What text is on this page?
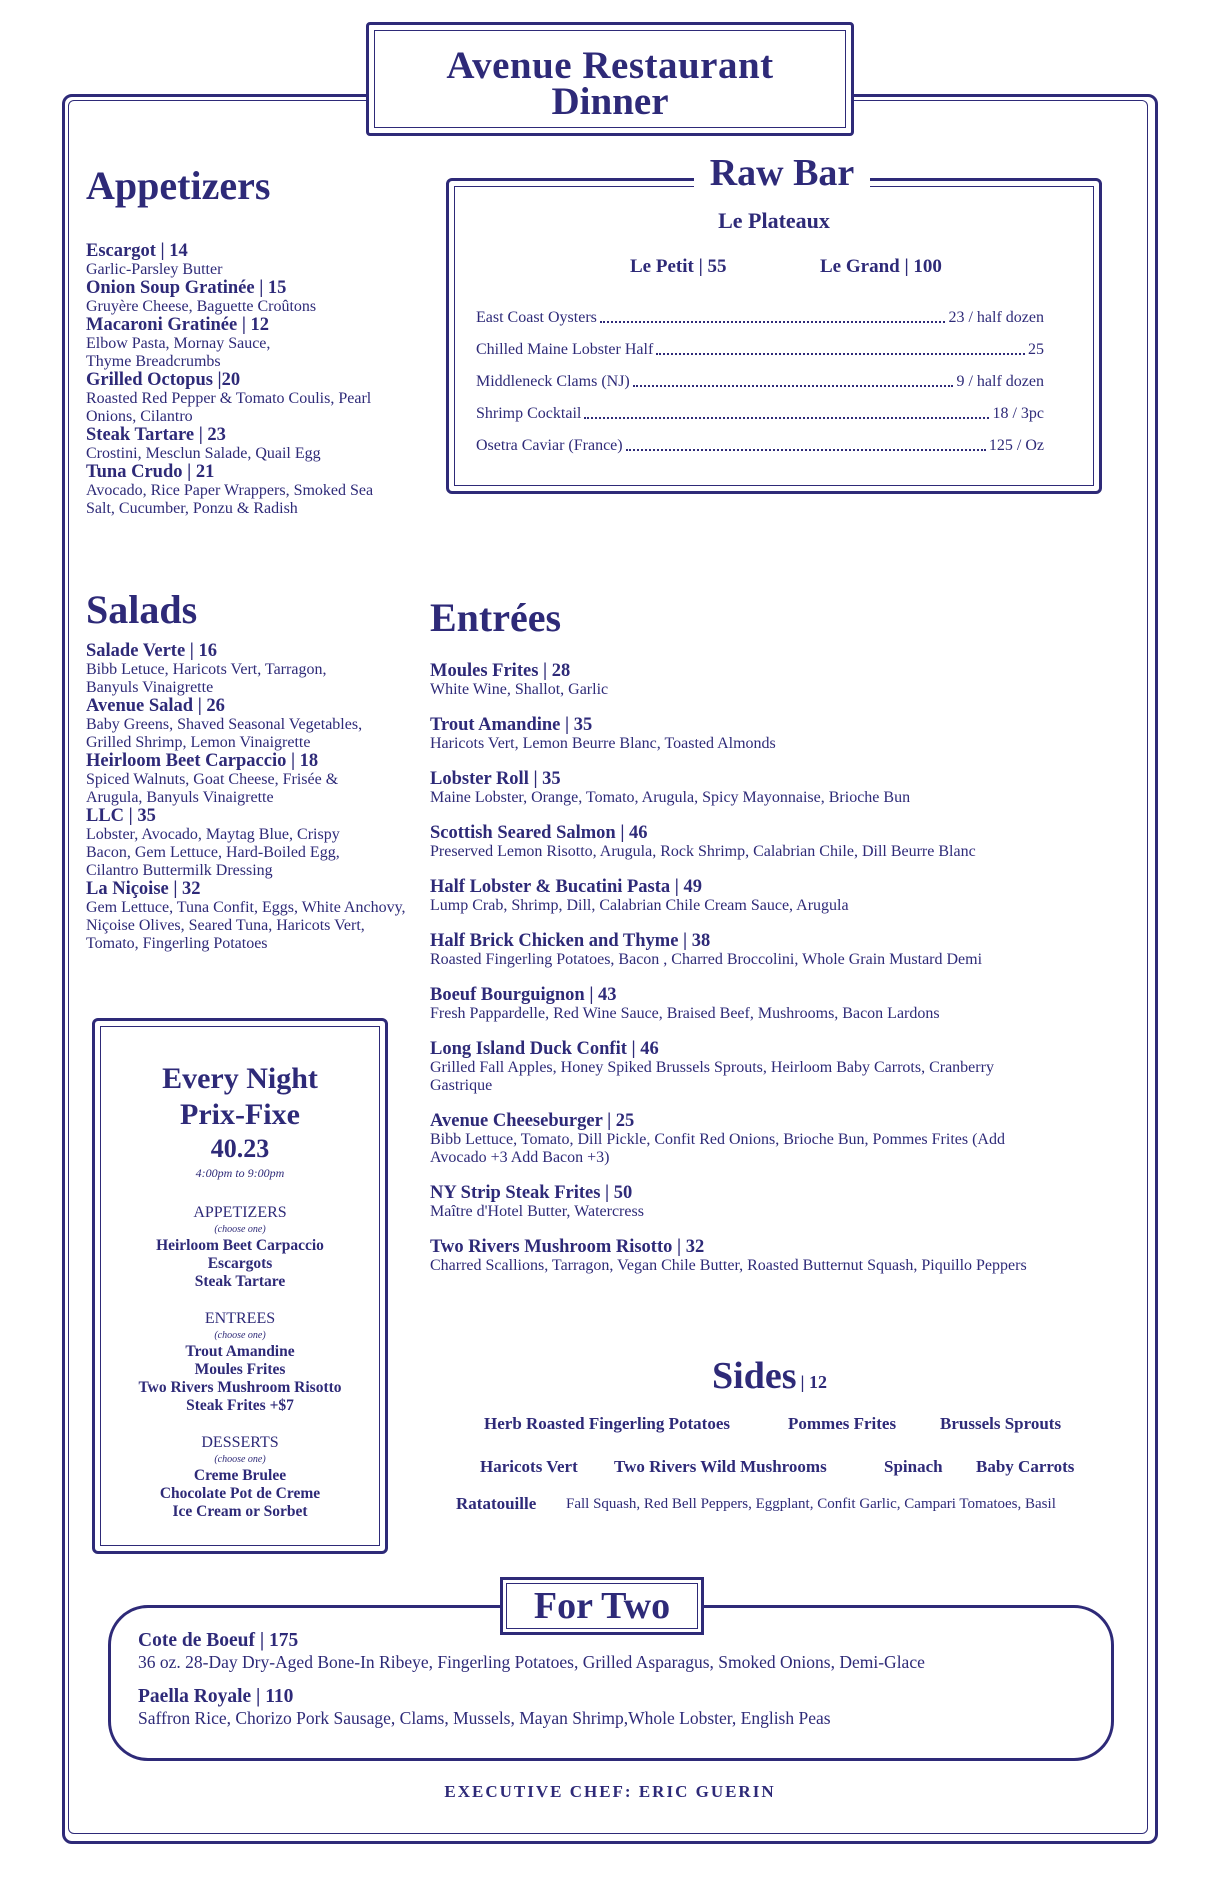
Avenue Restaurant
Dinner
Appetizers

Escargot | 14

Garlic-Parsley Butter

Onion Soup Gratinée | 15

Gruyère Cheese, Baguette Croûtons

Macaroni Gratinée | 12

Elbow Pasta, Mornay Sauce, Thyme Breadcrumbs

Grilled Octopus |20

Roasted Red Pepper & Tomato Coulis, Pearl Onions, Cilantro

Steak Tartare | 23

Crostini, Mesclun Salade, Quail Egg

Tuna Crudo | 21

Avocado, Rice Paper Wrappers, Smoked Sea Salt, Cucumber, Ponzu & Radish

Raw Bar
Le Plateaux
Le Petit | 55	Le Grand | 100
East Coast Oysters	23 / half dozen
Chilled Maine Lobster Half	25
Middleneck Clams (NJ)	9 / half dozen
Shrimp Cocktail	18 / 3pc
Osetra Caviar (France)	125 / Oz
Salads

Salade Verte | 16

Bibb Letuce, Haricots Vert, Tarragon, Banyuls Vinaigrette

Avenue Salad | 26

Baby Greens, Shaved Seasonal Vegetables, Grilled Shrimp, Lemon Vinaigrette

Heirloom Beet Carpaccio | 18

Spiced Walnuts, Goat Cheese, Frisée & Arugula, Banyuls Vinaigrette

LLC | 35

Lobster, Avocado, Maytag Blue, Crispy Bacon, Gem Lettuce, Hard-Boiled Egg, Cilantro Buttermilk Dressing

La Niçoise | 32

Gem Lettuce, Tuna Confit, Eggs, White Anchovy, Niçoise Olives, Seared Tuna, Haricots Vert, Tomato, Fingerling Potatoes

Entrées

Moules Frites | 28

White Wine, Shallot, Garlic

Trout Amandine | 35

Haricots Vert, Lemon Beurre Blanc, Toasted Almonds

Lobster Roll | 35

Maine Lobster, Orange, Tomato, Arugula, Spicy Mayonnaise, Brioche Bun

Scottish Seared Salmon | 46

Preserved Lemon Risotto, Arugula, Rock Shrimp, Calabrian Chile, Dill Beurre Blanc

Half Lobster & Bucatini Pasta | 49

Lump Crab, Shrimp, Dill, Calabrian Chile Cream Sauce, Arugula

Half Brick Chicken and Thyme | 38

Roasted Fingerling Potatoes, Bacon , Charred Broccolini, Whole Grain Mustard Demi

Boeuf Bourguignon | 43

Fresh Pappardelle, Red Wine Sauce, Braised Beef, Mushrooms, Bacon Lardons

Long Island Duck Confit | 46

Grilled Fall Apples, Honey Spiked Brussels Sprouts, Heirloom Baby Carrots, Cranberry Gastrique

Avenue Cheeseburger | 25

Bibb Lettuce, Tomato, Dill Pickle, Confit Red Onions, Brioche Bun, Pommes Frites (Add Avocado +3 Add Bacon +3)

NY Strip Steak Frites | 50

Maître d'Hotel Butter, Watercress

Two Rivers Mushroom Risotto | 32

Charred Scallions, Tarragon, Vegan Chile Butter, Roasted Butternut Squash, Piquillo Peppers

Every Night
Prix-Fixe
40.23
4:00pm to 9:00pm
APPETIZERS
(choose one)
Heirloom Beet Carpaccio
Escargots
Steak Tartare
ENTREES
(choose one)
Trout Amandine
Moules Frites
Two Rivers Mushroom Risotto
Steak Frites +$7
DESSERTS
(choose one)
Creme Brulee
Chocolate Pot de Creme
Ice Cream or Sorbet
Sides | 12
Herb Roasted Fingerling Potatoes	Pommes Frites	Brussels Sprouts
Haricots Vert Two Rivers Wild Mushrooms	Spinach Baby Carrots
Ratatouille Fall Squash, Red Bell Peppers, Eggplant, Confit Garlic, Campari Tomatoes, Basil
For Two

Cote de Boeuf | 175

36 oz. 28-Day Dry-Aged Bone-In Ribeye, Fingerling Potatoes, Grilled Asparagus, Smoked Onions, Demi-Glace

Paella Royale | 110

Saffron Rice, Chorizo Pork Sausage, Clams, Mussels, Mayan Shrimp,Whole Lobster, English Peas

EXECUTIVE CHEF: ERIC GUERIN
